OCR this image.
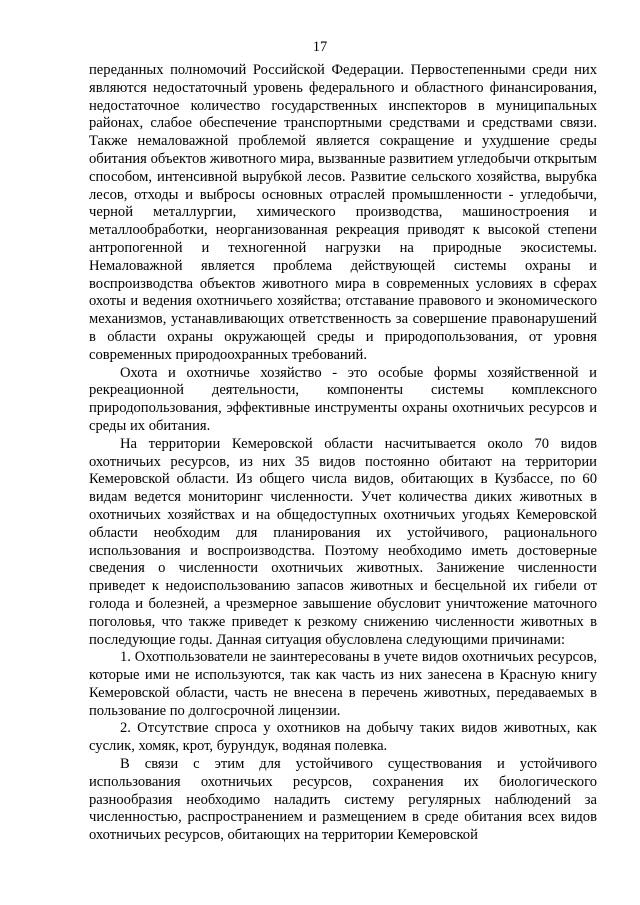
17

переданных полномочий Российской Федерации. Первостепенными среди них являются недостаточный уровень федерального и областного финансирования, недостаточное количество государственных инспекторов в муниципальных районах, слабое обеспечение транспортными средствами и средствами связи. Также немаловажной проблемой является сокращение и ухудшение среды обитания объектов животного мира, вызванные развитием угледобычи открытым способом, интенсивной вырубкой лесов. Развитие сельского хозяйства, вырубка лесов, отходы и выбросы основных отраслей промышленности - угледобычи, черной металлургии, химического производства, машиностроения и металлообработки, неорганизованная рекреация приводят к высокой степени антропогенной и техногенной нагрузки на природные экосистемы. Немаловажной является проблема действующей системы охраны и воспроизводства объектов животного мира в современных условиях в сферах охоты и ведения охотничьего хозяйства; отставание правового и экономического механизмов, устанавливающих ответственность за совершение правонарушений в области охраны окружающей среды и природопользования, от уровня современных природоохранных требований.

Охота и охотничье хозяйство - это особые формы хозяйственной и рекреационной деятельности, компоненты системы комплексного природопользования, эффективные инструменты охраны охотничьих ресурсов и среды их обитания.

На территории Кемеровской области насчитывается около 70 видов охотничьих ресурсов, из них 35 видов постоянно обитают на территории Кемеровской области. Из общего числа видов, обитающих в Кузбассе, по 60 видам ведется мониторинг численности. Учет количества диких животных в охотничьих хозяйствах и на общедоступных охотничьих угодьях Кемеровской области необходим для планирования их устойчивого, рационального использования и воспроизводства. Поэтому необходимо иметь достоверные сведения о численности охотничьих животных. Занижение численности приведет к недоиспользованию запасов животных и бесцельной их гибели от голода и болезней, а чрезмерное завышение обусловит уничтожение маточного поголовья, что также приведет к резкому снижению численности животных в последующие годы. Данная ситуация обусловлена следующими причинами:

1. Охотпользователи не заинтересованы в учете видов охотничьих ресурсов, которые ими не используются, так как часть из них занесена в Красную книгу Кемеровской области, часть не внесена в перечень животных, передаваемых в пользование по долгосрочной лицензии.

2. Отсутствие спроса у охотников на добычу таких видов животных, как суслик, хомяк, крот, бурундук, водяная полевка.

В связи с этим для устойчивого существования и устойчивого использования охотничьих ресурсов, сохранения их биологического разнообразия необходимо наладить систему регулярных наблюдений за численностью, распространением и размещением в среде обитания всех видов охотничьих ресурсов, обитающих на территории Кемеровской
